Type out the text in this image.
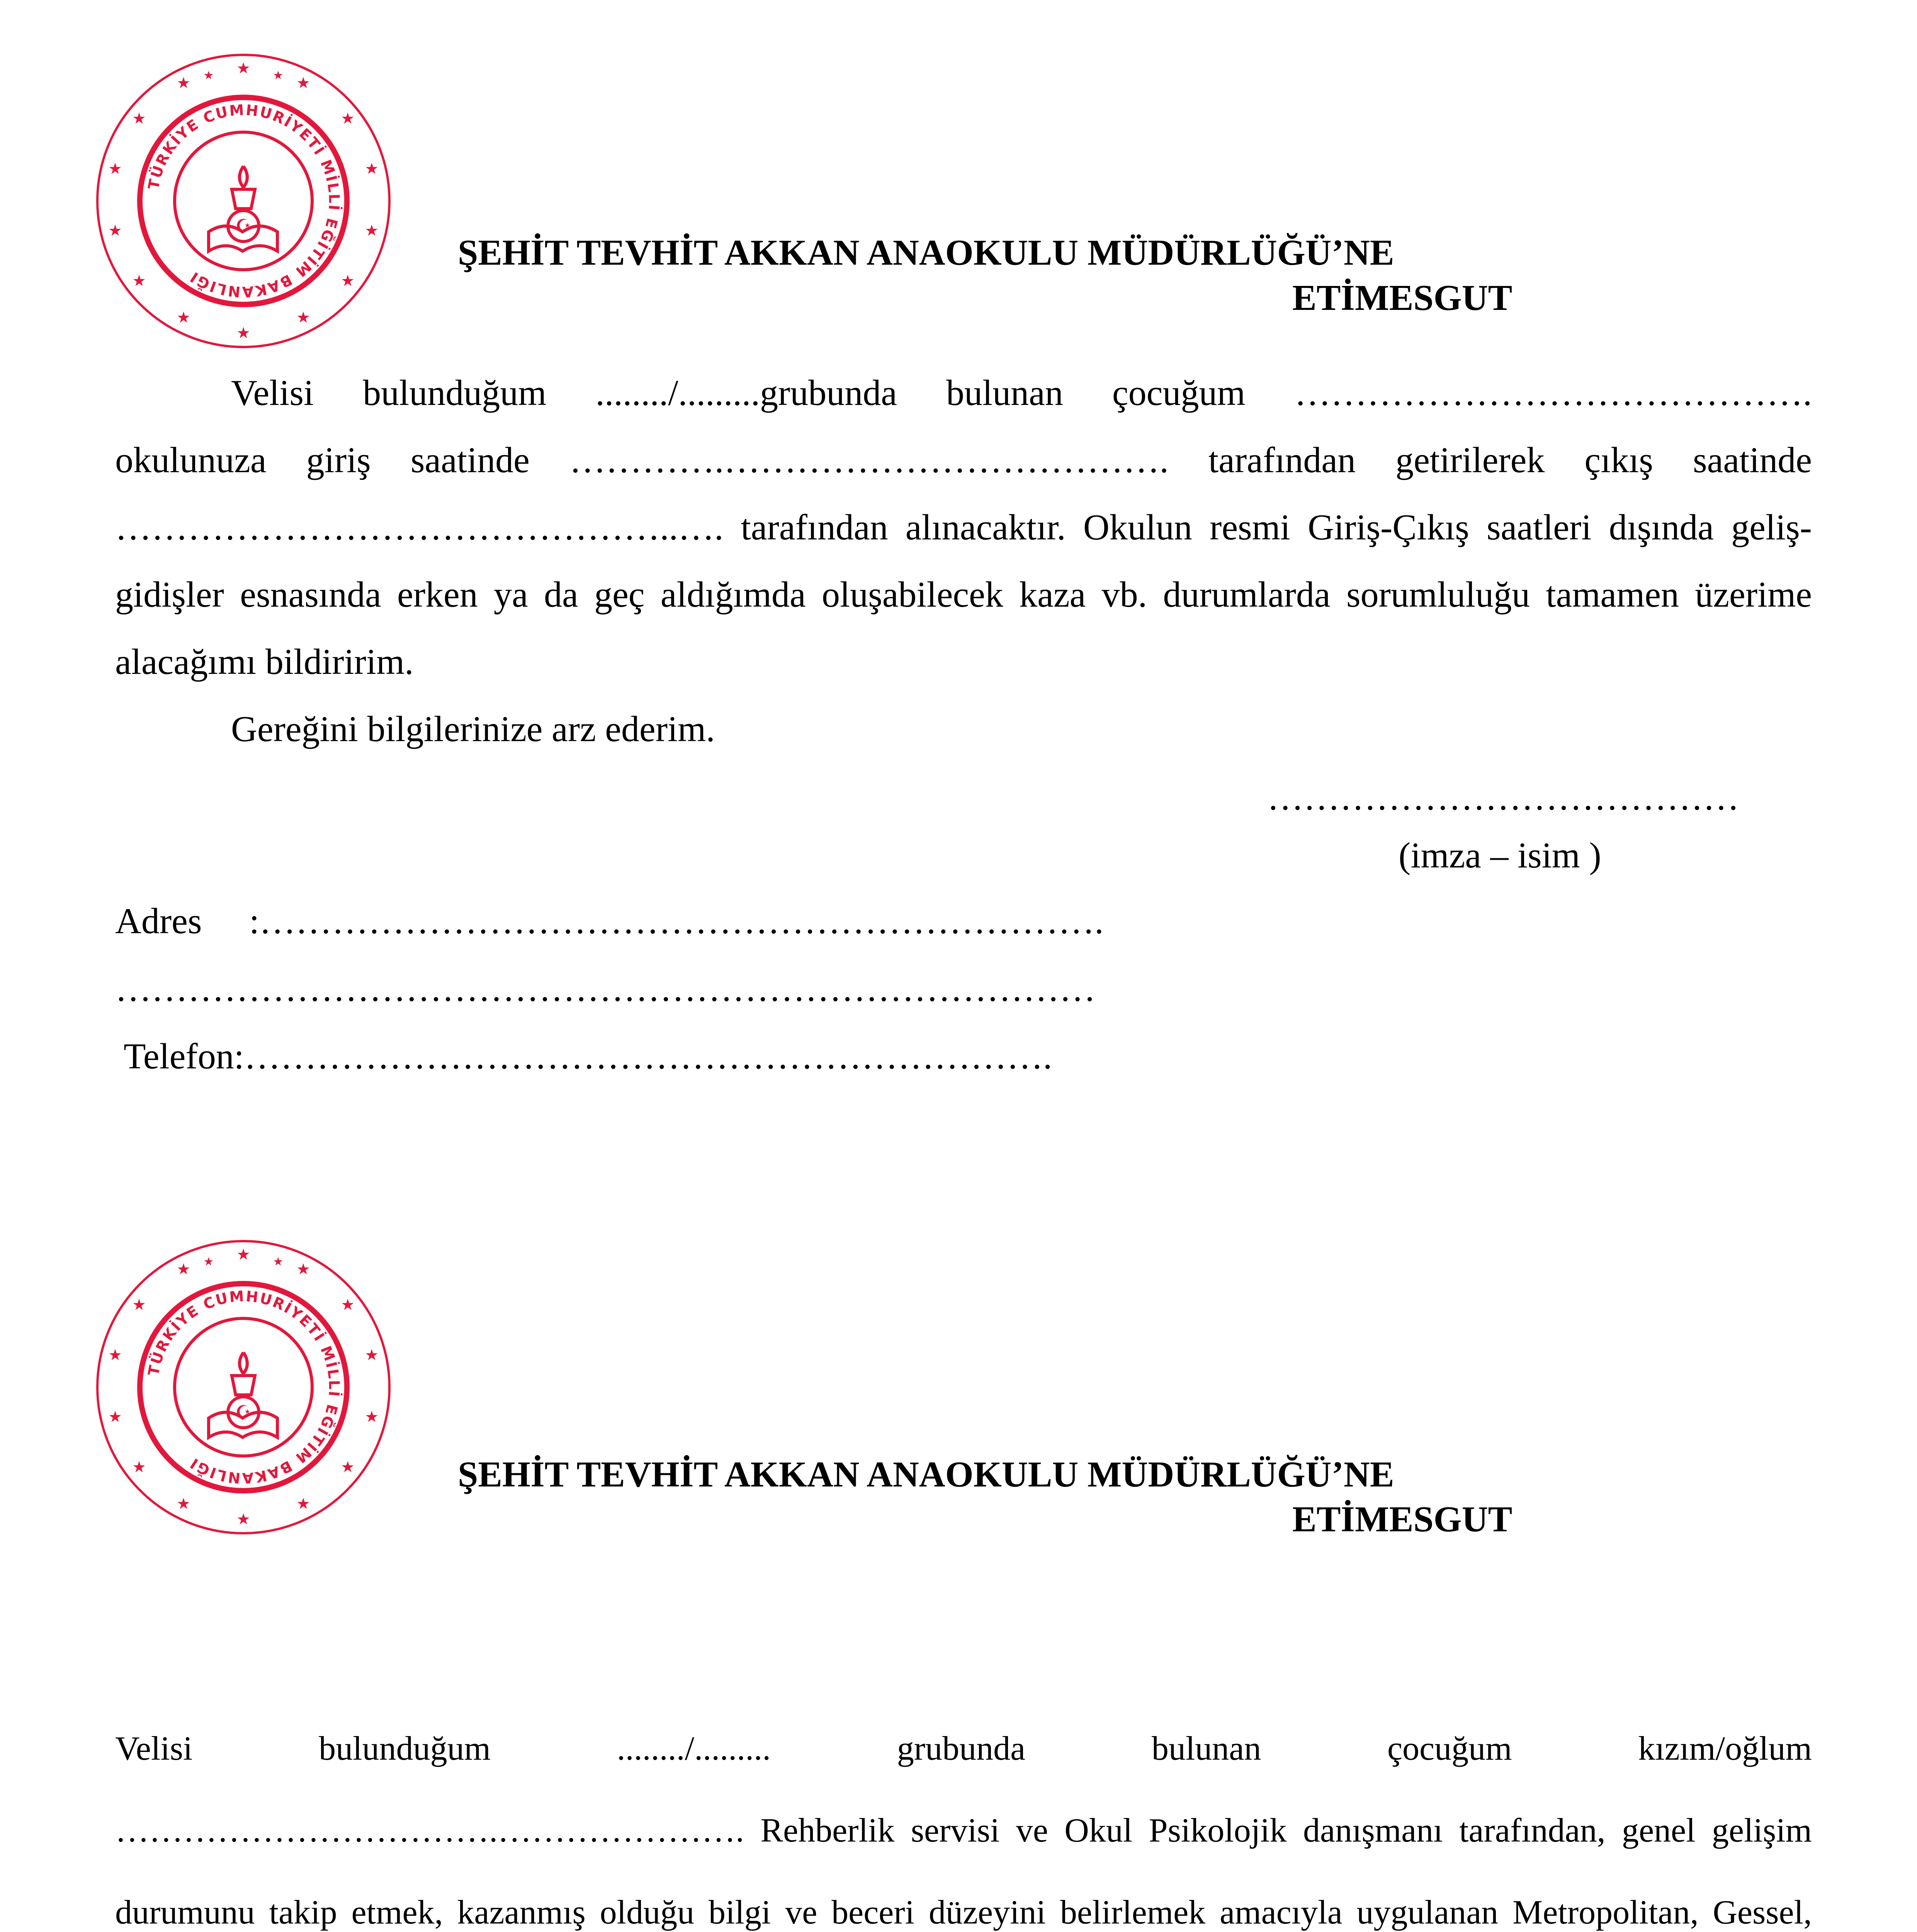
★
★
★
★
★
★
★
★
★
★
★
★
★
★ ★	★
TÜRKİYE CUMHURİYETİ MİLLİ EĞİTİM BAKANLIĞI
☪
ŞEHİT TEVHİT AKKAN ANAOKULU MÜDÜRLÜĞÜ’NE
ETİMESGUT

Velisi bulunduğum ......../.........grubunda bulunan çocuğum …………………………………….

okulunuza giriş saatinde ………….………………………………. tarafından getirilerek çıkış saatinde ………………………………………..…. tarafından alınacaktır. Okulun resmi Giriş-Çıkış saatleri dışında geliş-gidişler esnasında erken ya da geç aldığımda oluşabilecek kaza vb. durumlarda sorumluluğu tamamen üzerime alacağımı bildiririm.

Gereğini bilgilerinize arz ederim.

…………………………………
(imza – isim )
Adres :…………………………………………………………….
………………………………………………………………………
Telefon:………………………………………………………….
★
★
★
★
★
★
★
★
★
★
★
★
★
★ ★	★
TÜRKİYE CUMHURİYETİ MİLLİ EĞİTİM BAKANLIĞI
☪
ŞEHİT TEVHİT AKKAN ANAOKULU MÜDÜRLÜĞÜ’NE
ETİMESGUT
Velisi	bulunduğum	......../.........	grubunda	bulunan	çocuğum	kızım/oğlum

…………………………….…………………. Rehberlik servisi ve Okul Psikolojik danışmanı tarafından, genel gelişim durumunu takip etmek, kazanmış olduğu bilgi ve beceri düzeyini belirlemek amacıyla uygulanan Metropolitan, Gessel,
